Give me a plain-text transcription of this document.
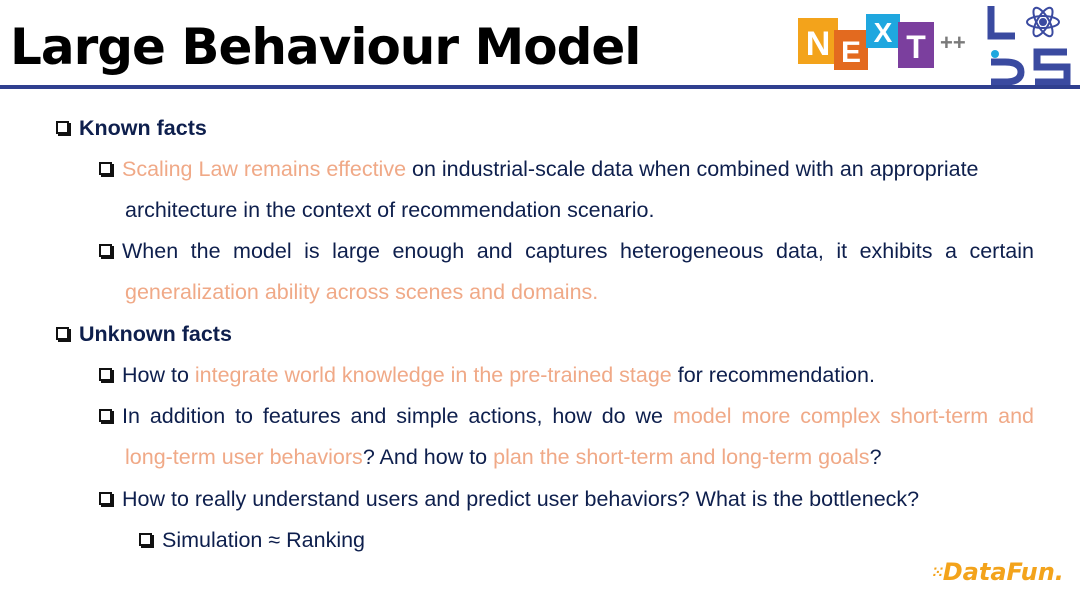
Large Behaviour Model	N E
X T ++
Known facts
Scaling Law remains effective on industrial-scale data when combined with an appropriate
architecture in the context of recommendation scenario.
When the model is large enough and captures heterogeneous data, it exhibits a certain
generalization ability across scenes and domains.
Unknown facts
How to integrate world knowledge in the pre-trained stage for recommendation.
In addition to features and simple actions, how do we model more complex short-term and
long-term user behaviors? And how to plan the short-term and long-term goals?
How to really understand users and predict user behaviors? What is the bottleneck?
Simulation ≈ Ranking
⁙DataFun.
